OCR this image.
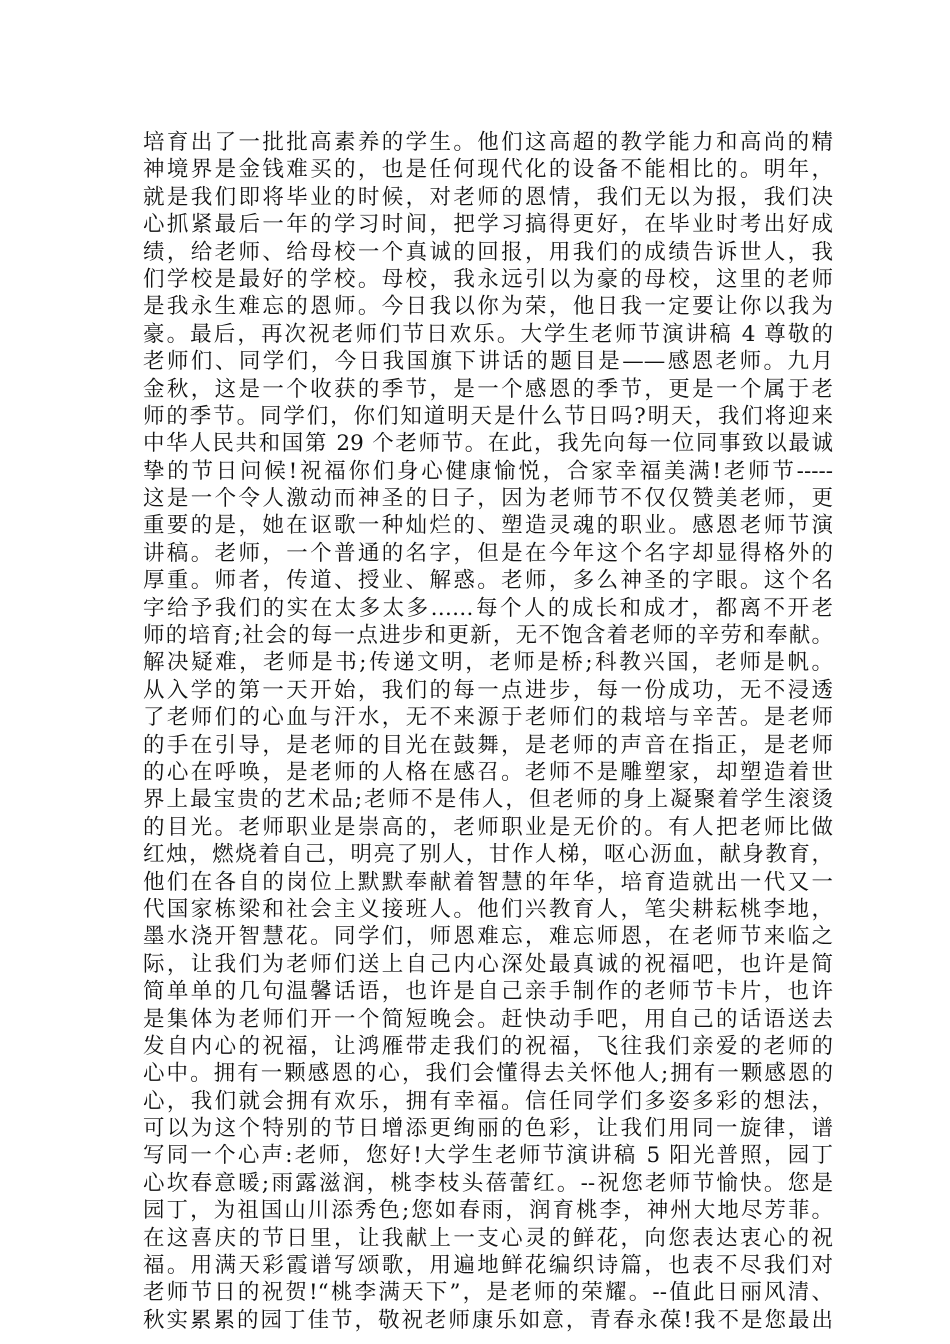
培育出了一批批高素养的学生。他们这高超的教学能力和高尚的精
神境界是金钱难买的，也是任何现代化的设备不能相比的。明年，
就是我们即将毕业的时候，对老师的恩情，我们无以为报，我们决
心抓紧最后一年的学习时间，把学习搞得更好，在毕业时考出好成
绩，给老师、给母校一个真诚的回报，用我们的成绩告诉世人，我
们学校是最好的学校。母校，我永远引以为豪的母校，这里的老师
是我永生难忘的恩师。今日我以你为荣，他日我一定要让你以我为
豪。最后，再次祝老师们节日欢乐。大学生老师节演讲稿 4 尊敬的
老师们、同学们，今日我国旗下讲话的题目是——感恩老师。九月
金秋，这是一个收获的季节，是一个感恩的季节，更是一个属于老
师的季节。同学们，你们知道明天是什么节日吗?明天，我们将迎来
中华人民共和国第 29 个老师节。在此，我先向每一位同事致以最诚
挚的节日问候!祝福你们身心健康愉悦，合家幸福美满!老师节-----
这是一个令人激动而神圣的日子，因为老师节不仅仅赞美老师，更
重要的是，她在讴歌一种灿烂的、塑造灵魂的职业。感恩老师节演
讲稿。老师，一个普通的名字，但是在今年这个名字却显得格外的
厚重。师者，传道、授业、解惑。老师，多么神圣的字眼。这个名
字给予我们的实在太多太多……每个人的成长和成才，都离不开老
师的培育;社会的每一点进步和更新，无不饱含着老师的辛劳和奉献。
解决疑难，老师是书;传递文明，老师是桥;科教兴国，老师是帆。
从入学的第一天开始，我们的每一点进步，每一份成功，无不浸透
了老师们的心血与汗水，无不来源于老师们的栽培与辛苦。是老师
的手在引导，是老师的目光在鼓舞，是老师的声音在指正，是老师
的心在呼唤，是老师的人格在感召。老师不是雕塑家，却塑造着世
界上最宝贵的艺术品;老师不是伟人，但老师的身上凝聚着学生滚烫
的目光。老师职业是崇高的，老师职业是无价的。有人把老师比做
红烛，燃烧着自己，明亮了别人，甘作人梯，呕心沥血，献身教育，
他们在各自的岗位上默默奉献着智慧的年华，培育造就出一代又一
代国家栋梁和社会主义接班人。他们兴教育人，笔尖耕耘桃李地，
墨水浇开智慧花。同学们，师恩难忘，难忘师恩，在老师节来临之
际，让我们为老师们送上自己内心深处最真诚的祝福吧，也许是简
简单单的几句温馨话语，也许是自己亲手制作的老师节卡片，也许
是集体为老师们开一个简短晚会。赶快动手吧，用自己的话语送去
发自内心的祝福，让鸿雁带走我们的祝福，飞往我们亲爱的老师的
心中。拥有一颗感恩的心，我们会懂得去关怀他人;拥有一颗感恩的
心，我们就会拥有欢乐，拥有幸福。信任同学们多姿多彩的想法，
可以为这个特别的节日增添更绚丽的色彩，让我们用同一旋律，谱
写同一个心声:老师，您好!大学生老师节演讲稿 5 阳光普照，园丁
心坎春意暖;雨露滋润，桃李枝头蓓蕾红。--祝您老师节愉快。您是
园丁，为祖国山川添秀色;您如春雨，润育桃李，神州大地尽芳菲。
在这喜庆的节日里，让我献上一支心灵的鲜花，向您表达衷心的祝
福。用满天彩霞谱写颂歌，用遍地鲜花编织诗篇，也表不尽我们对
老师节日的祝贺!“桃李满天下”，是老师的荣耀。--值此日丽风清、
秋实累累的园丁佳节，敬祝老师康乐如意，青春永葆!我不是您最出
